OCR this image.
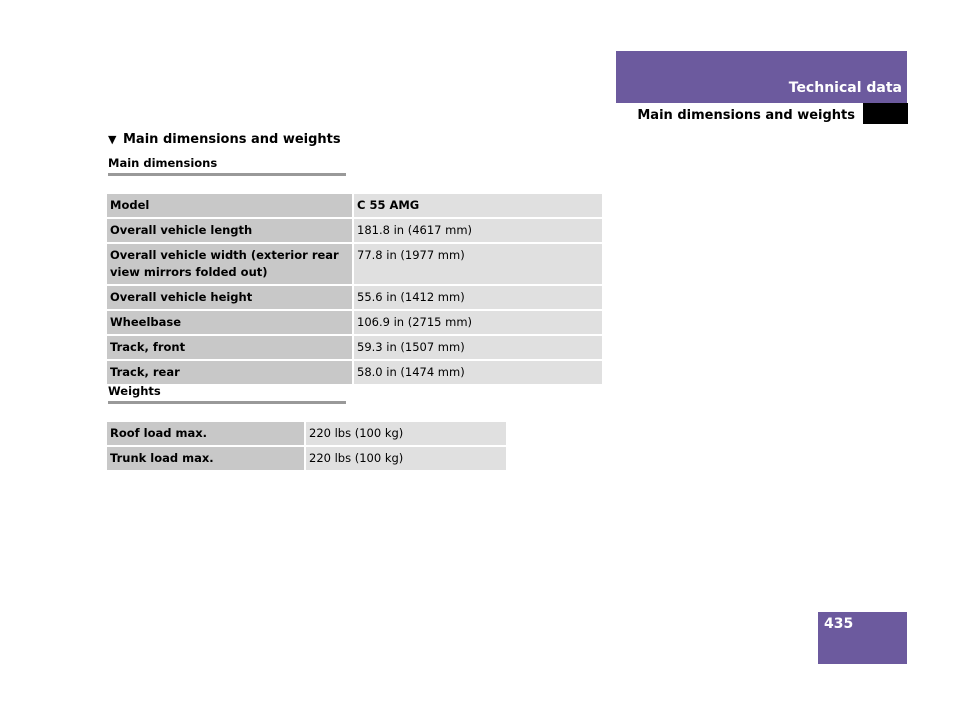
Technical data
Main dimensions and weights
▼ Main dimensions and weights
Main dimensions
Model	C 55 AMG
Overall vehicle length	181.8 in (4617 mm)
Overall vehicle width (exterior rear view mirrors folded out)	77.8 in (1977 mm)
Overall vehicle height	55.6 in (1412 mm)
Wheelbase	106.9 in (2715 mm)
Track, front	59.3 in (1507 mm)
Track, rear	58.0 in (1474 mm)
Weights
Roof load max.	220 lbs (100 kg)
Trunk load max.	220 lbs (100 kg)
435
